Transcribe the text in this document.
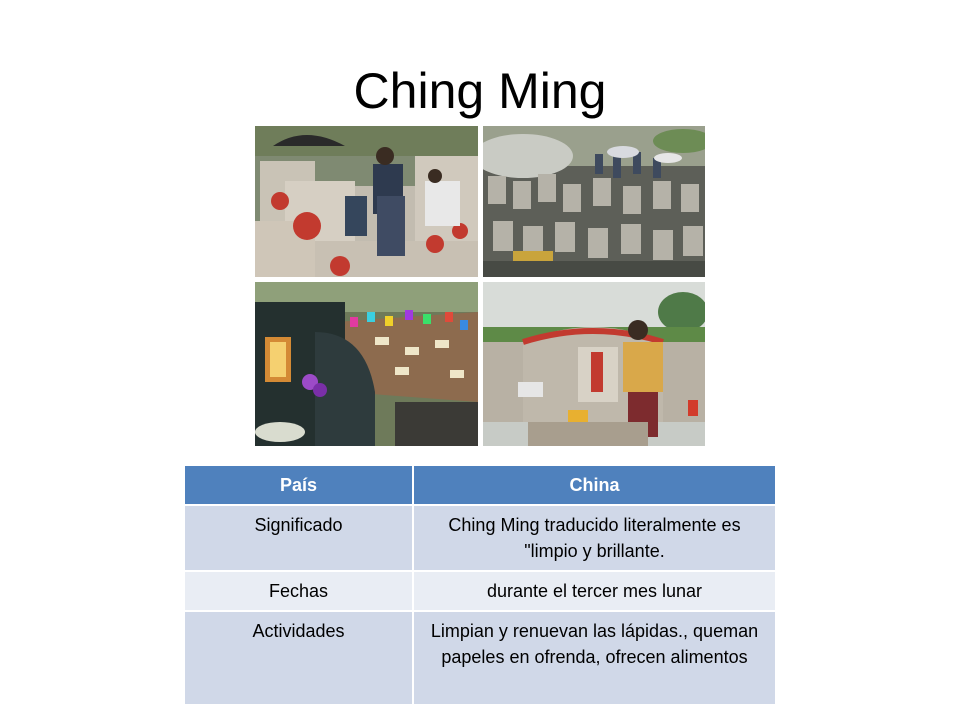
Ching Ming
País	China
Significado	Ching Ming traducido literalmente es "limpio y brillante.
Fechas	durante el tercer mes lunar
Actividades	Limpian y renuevan las lápidas., queman papeles en ofrenda, ofrecen alimentos
